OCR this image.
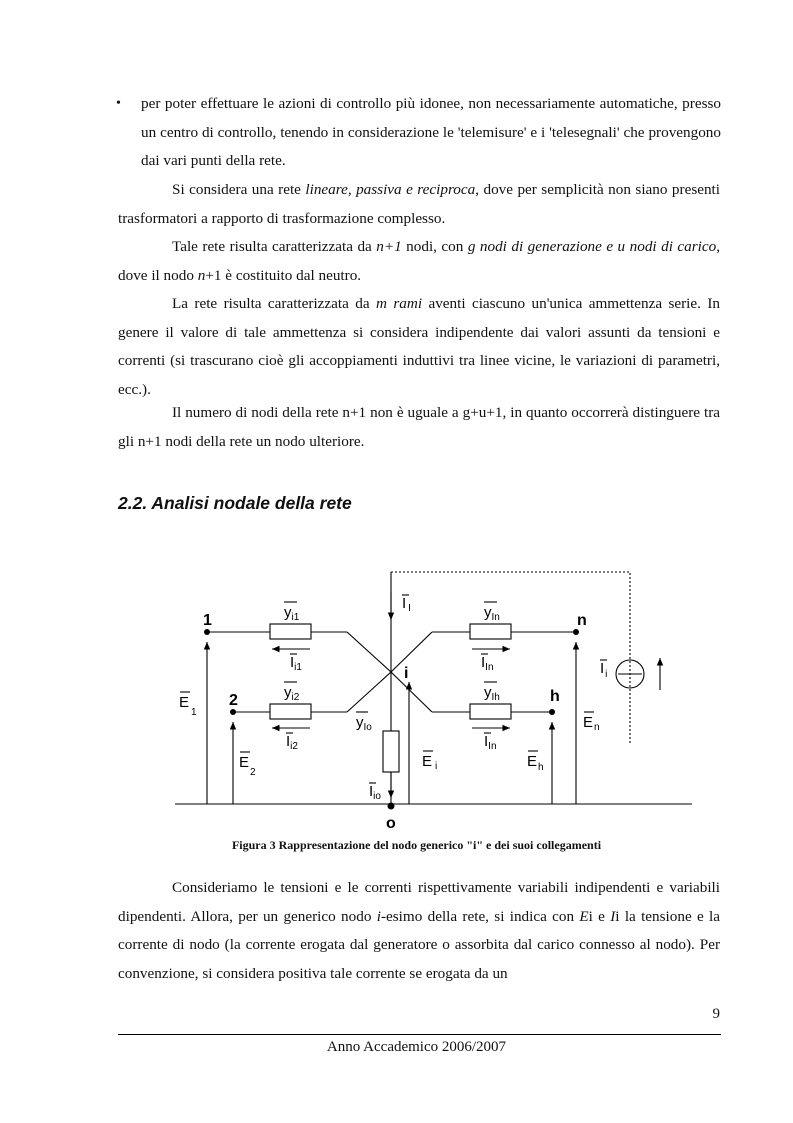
• per poter effettuare le azioni di controllo più idonee, non necessariamente automatiche, presso un centro di controllo, tenendo in considerazione le 'telemisure' e i 'telesegnali' che provengono dai vari punti della rete.

Si considera una rete lineare, passiva e reciproca, dove per semplicità non siano presenti trasformatori a rapporto di trasformazione complesso.

Tale rete risulta caratterizzata da n+1 nodi, con g nodi di generazione e u nodi di carico, dove il nodo n+1 è costituito dal neutro.

La rete risulta caratterizzata da m rami aventi ciascuno un'unica ammettenza serie. In genere il valore di tale ammettenza si considera indipendente dai valori assunti da tensioni e correnti (si trascurano cioè gli accoppiamenti induttivi tra linee vicine, le variazioni di parametri, ecc.).

Il numero di nodi della rete n+1 non è uguale a g+u+1, in quanto occorrerà distinguere tra gli n+1 nodi della rete un nodo ulteriore.

2.2. Analisi nodale della rete
1
2
i
n
h
o
$y_{i1}$
$y_{i2}$
$y_{In}$
$y_{Ih}$
$y_{Io}$
$I_{i1}$
$I_{i2}$
$I_{In}$
$I_{In}$
$I_{io}$
I $_I$
$I_i$
$E_1$
$E_2$
E $_i$	$E_h$
$E_n$

Figura 3 Rappresentazione del nodo generico "i" e dei suoi collegamenti

Consideriamo le tensioni e le correnti rispettivamente variabili indipendenti e variabili dipendenti. Allora, per un generico nodo i-esimo della rete, si indica con Ei e Ii la tensione e la corrente di nodo (la corrente erogata dal generatore o assorbita dal carico connesso al nodo). Per convenzione, si considera positiva tale corrente se erogata da un

9

Anno Accademico 2006/2007
